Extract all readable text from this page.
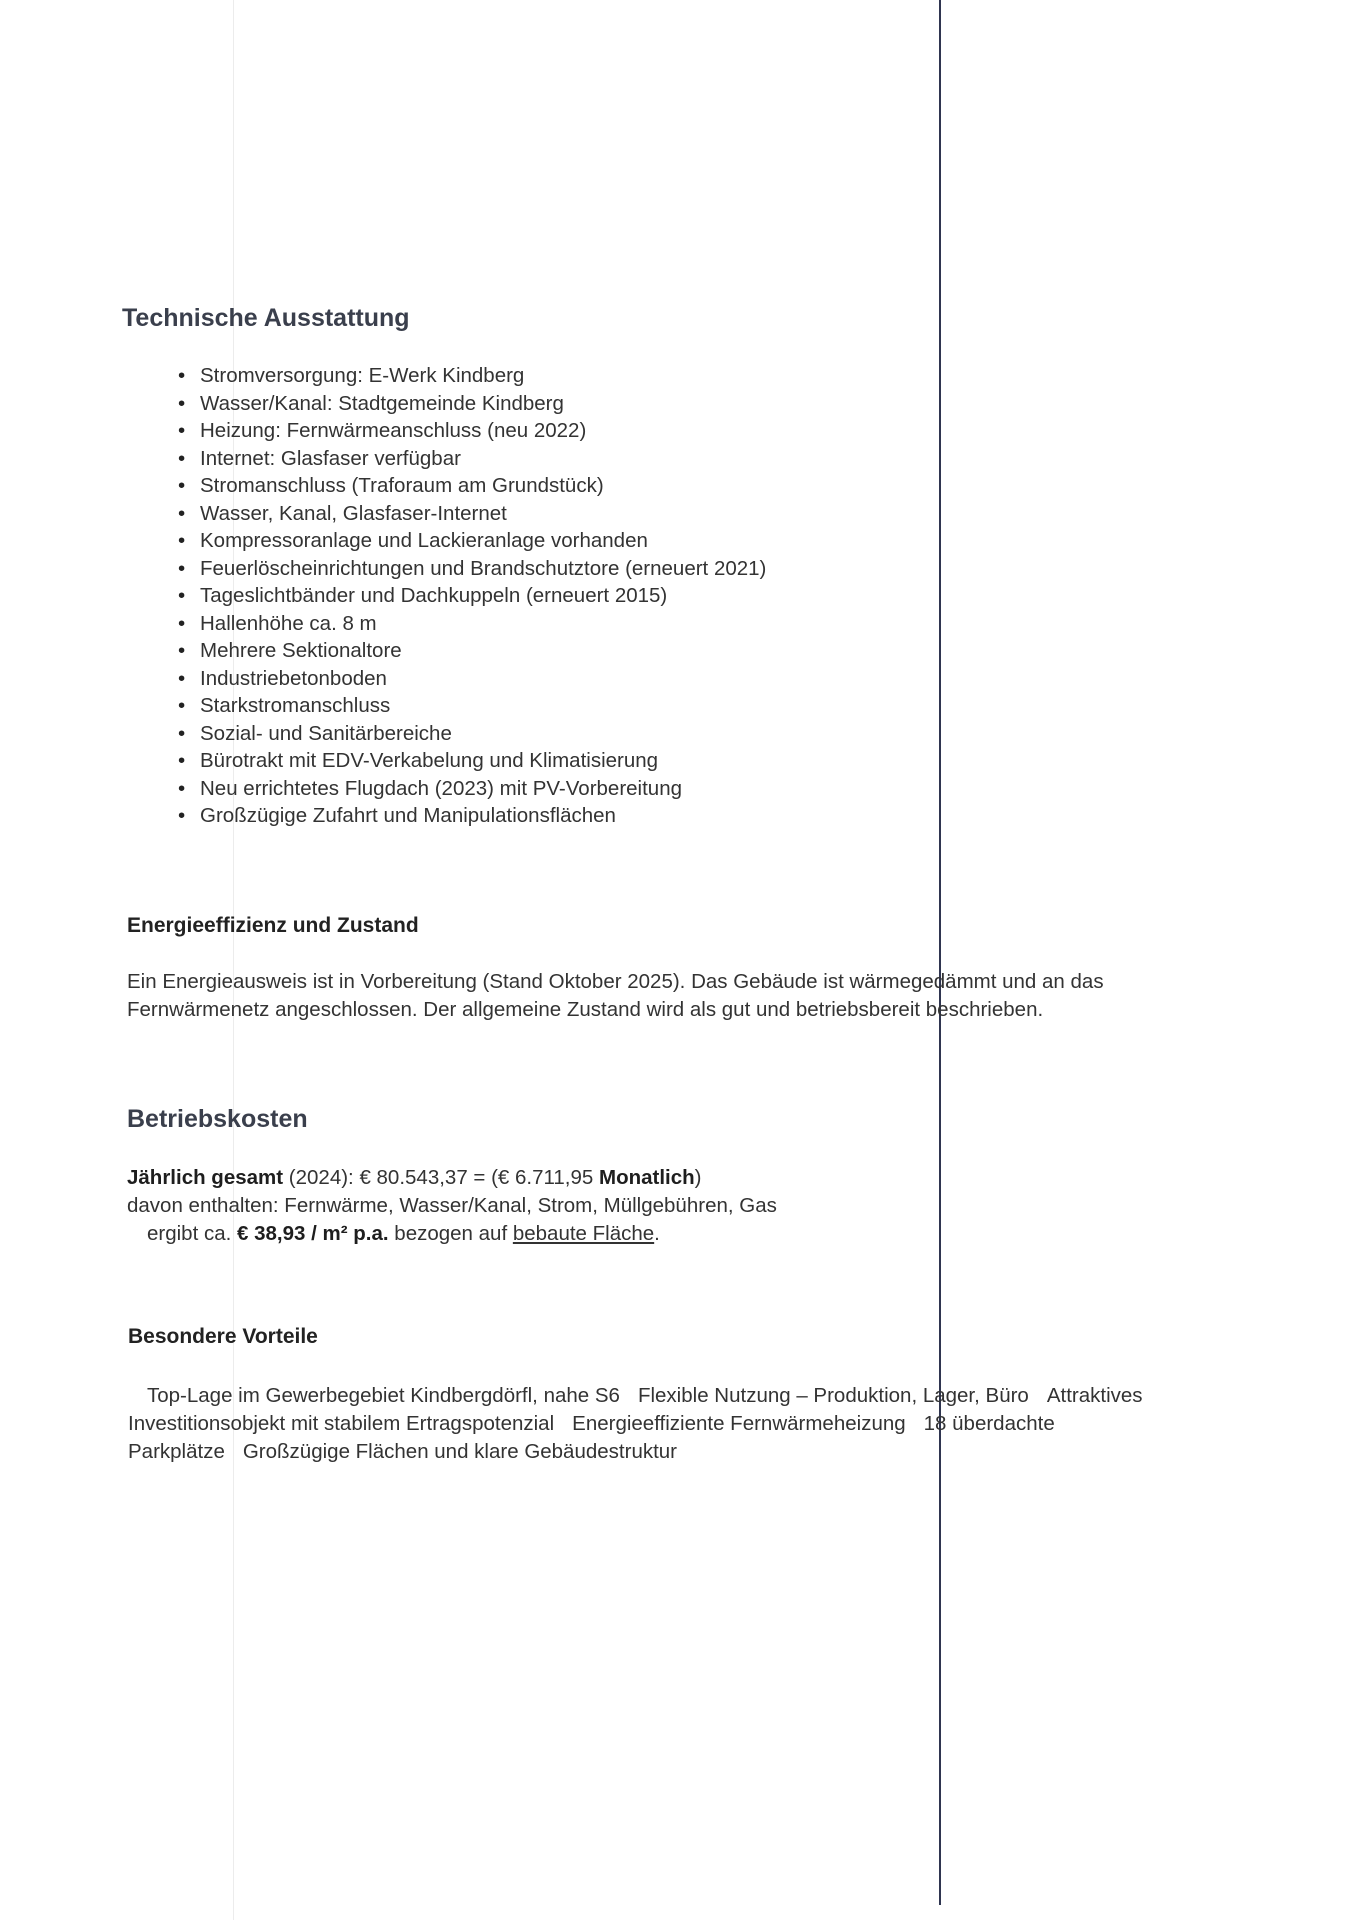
Technische Ausstattung
• Stromversorgung: E-Werk Kindberg
• Wasser/Kanal: Stadtgemeinde Kindberg
• Heizung: Fernwärmeanschluss (neu 2022)
• Internet: Glasfaser verfügbar
• Stromanschluss (Traforaum am Grundstück)
• Wasser, Kanal, Glasfaser-Internet
• Kompressoranlage und Lackieranlage vorhanden
• Feuerlöscheinrichtungen und Brandschutztore (erneuert 2021)
• Tageslichtbänder und Dachkuppeln (erneuert 2015)
• Hallenhöhe ca. 8 m
• Mehrere Sektionaltore
• Industriebetonboden
• Starkstromanschluss
• Sozial- und Sanitärbereiche
• Bürotrakt mit EDV-Verkabelung und Klimatisierung
• Neu errichtetes Flugdach (2023) mit PV-Vorbereitung
• Großzügige Zufahrt und Manipulationsflächen
Energieeffizienz und Zustand
Ein Energieausweis ist in Vorbereitung (Stand Oktober 2025). Das Gebäude ist wärmegedämmt und an das
Fernwärmenetz angeschlossen. Der allgemeine Zustand wird als gut und betriebsbereit beschrieben.
Betriebskosten
Jährlich gesamt (2024): € 80.543,37 = (€ 6.711,95 Monatlich)
davon enthalten: Fernwärme, Wasser/Kanal, Strom, Müllgebühren, Gas
ergibt ca. € 38,93 / m² p.a. bezogen auf bebaute Fläche.
Besondere Vorteile
Top-Lage im Gewerbegebiet Kindbergdörfl, nahe S6 Flexible Nutzung – Produktion, Lager, Büro Attraktives
Investitionsobjekt mit stabilem Ertragspotenzial Energieeffiziente Fernwärmeheizung 18 überdachte
Parkplätze Großzügige Flächen und klare Gebäudestruktur
